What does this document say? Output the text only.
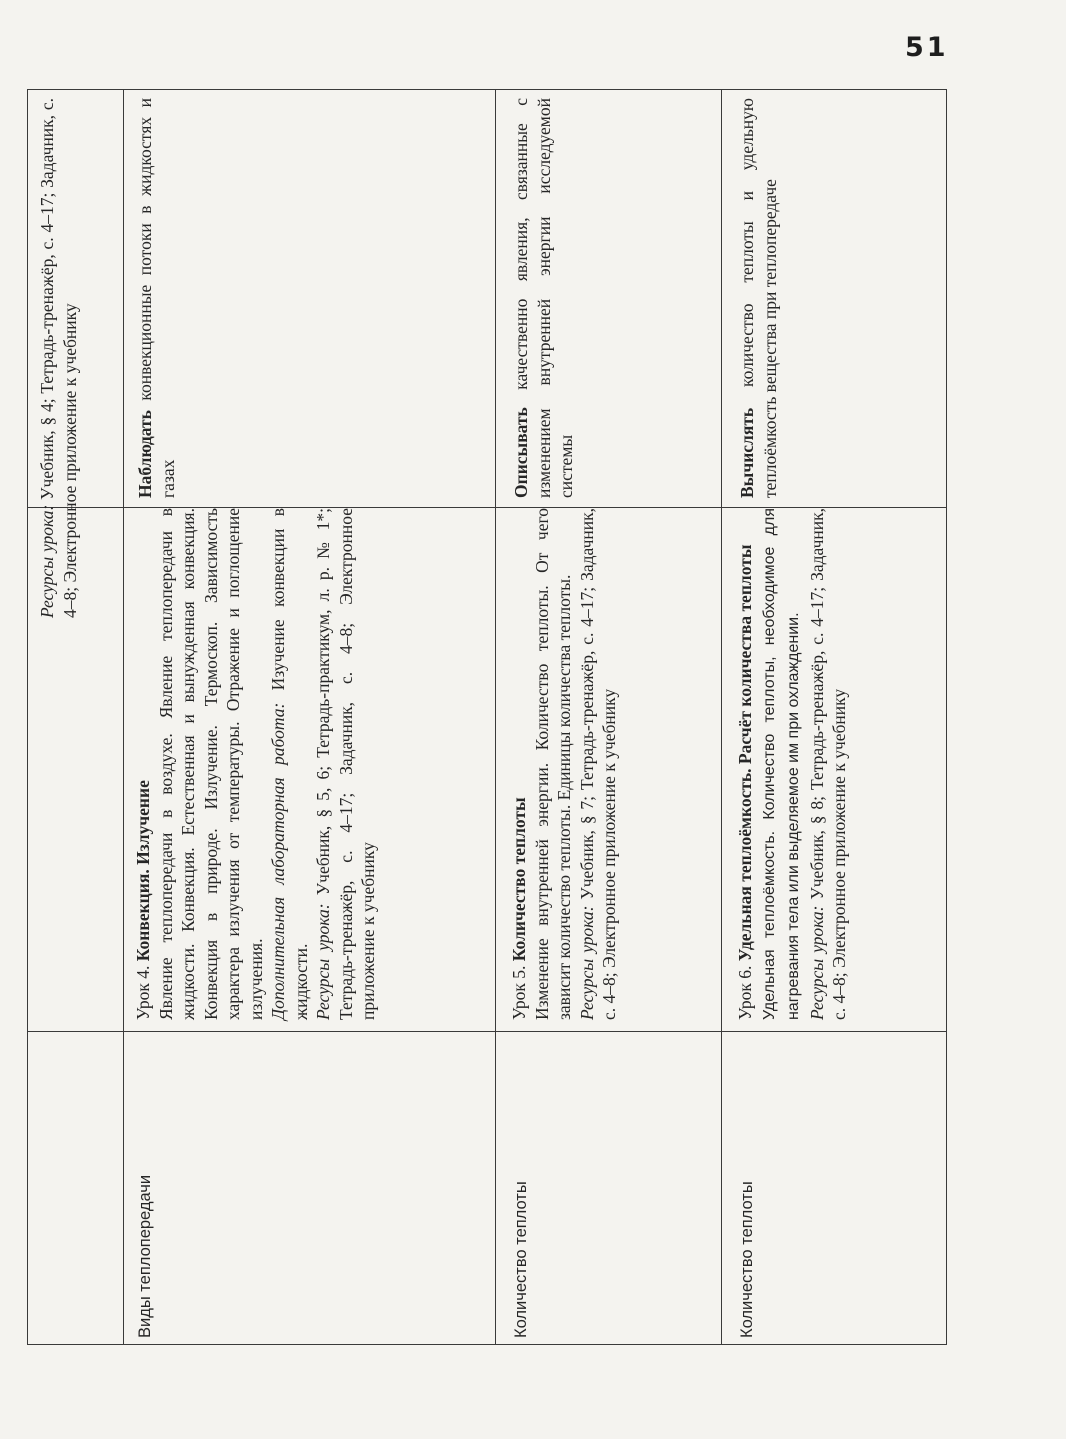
51
Ресурсы урока: Учебник, § 4; Тетрадь-тренажёр, с. 4–17; Задачник, с. 4–8; Электронное приложение к учебнику
Виды теплопередачи
Урок 4. Конвекция. Излучение Явление теплопередачи в воздухе. Явление теплопередачи в жидкости. Конвекция. Естественная и вынужденная конвекция. Конвекция в природе. Излучение. Термоскоп. Зависимость характера излучения от температуры. Отражение и поглощение излучения. Дополнительная лабораторная работа: Изучение конвекции в жидкости. Ресурсы урока: Учебник, § 5, 6; Тетрадь-практикум, л. р. № 1*; Тетрадь-тренажёр, с. 4–17; Задачник, с. 4–8; Электронное приложение к учебнику
Наблюдать конвекционные потоки в жидкостях и газах
Количество теплоты
Урок 5. Количество теплоты Изменение внутренней энергии. Количество теплоты. От чего зависит количество теплоты. Единицы количества теплоты. Ресурсы урока: Учебник, § 7; Тетрадь-тренажёр, с. 4–17; Задачник, с. 4–8; Электронное приложение к учебнику
Описывать качественно явления, связанные с изменением внутренней энергии исследуемой системы
Количество теплоты
Урок 6. Удельная теплоёмкость. Расчёт количества теплоты Удельная теплоёмкость. Количество теплоты, необходимое для нагревания тела или выделяемое им при охлаждении. Ресурсы урока: Учебник, § 8; Тетрадь-тренажёр, с. 4–17; Задачник, с. 4–8; Электронное приложение к учебнику
Вычислять количество теплоты и удельную теплоёмкость вещества при теплопередаче
